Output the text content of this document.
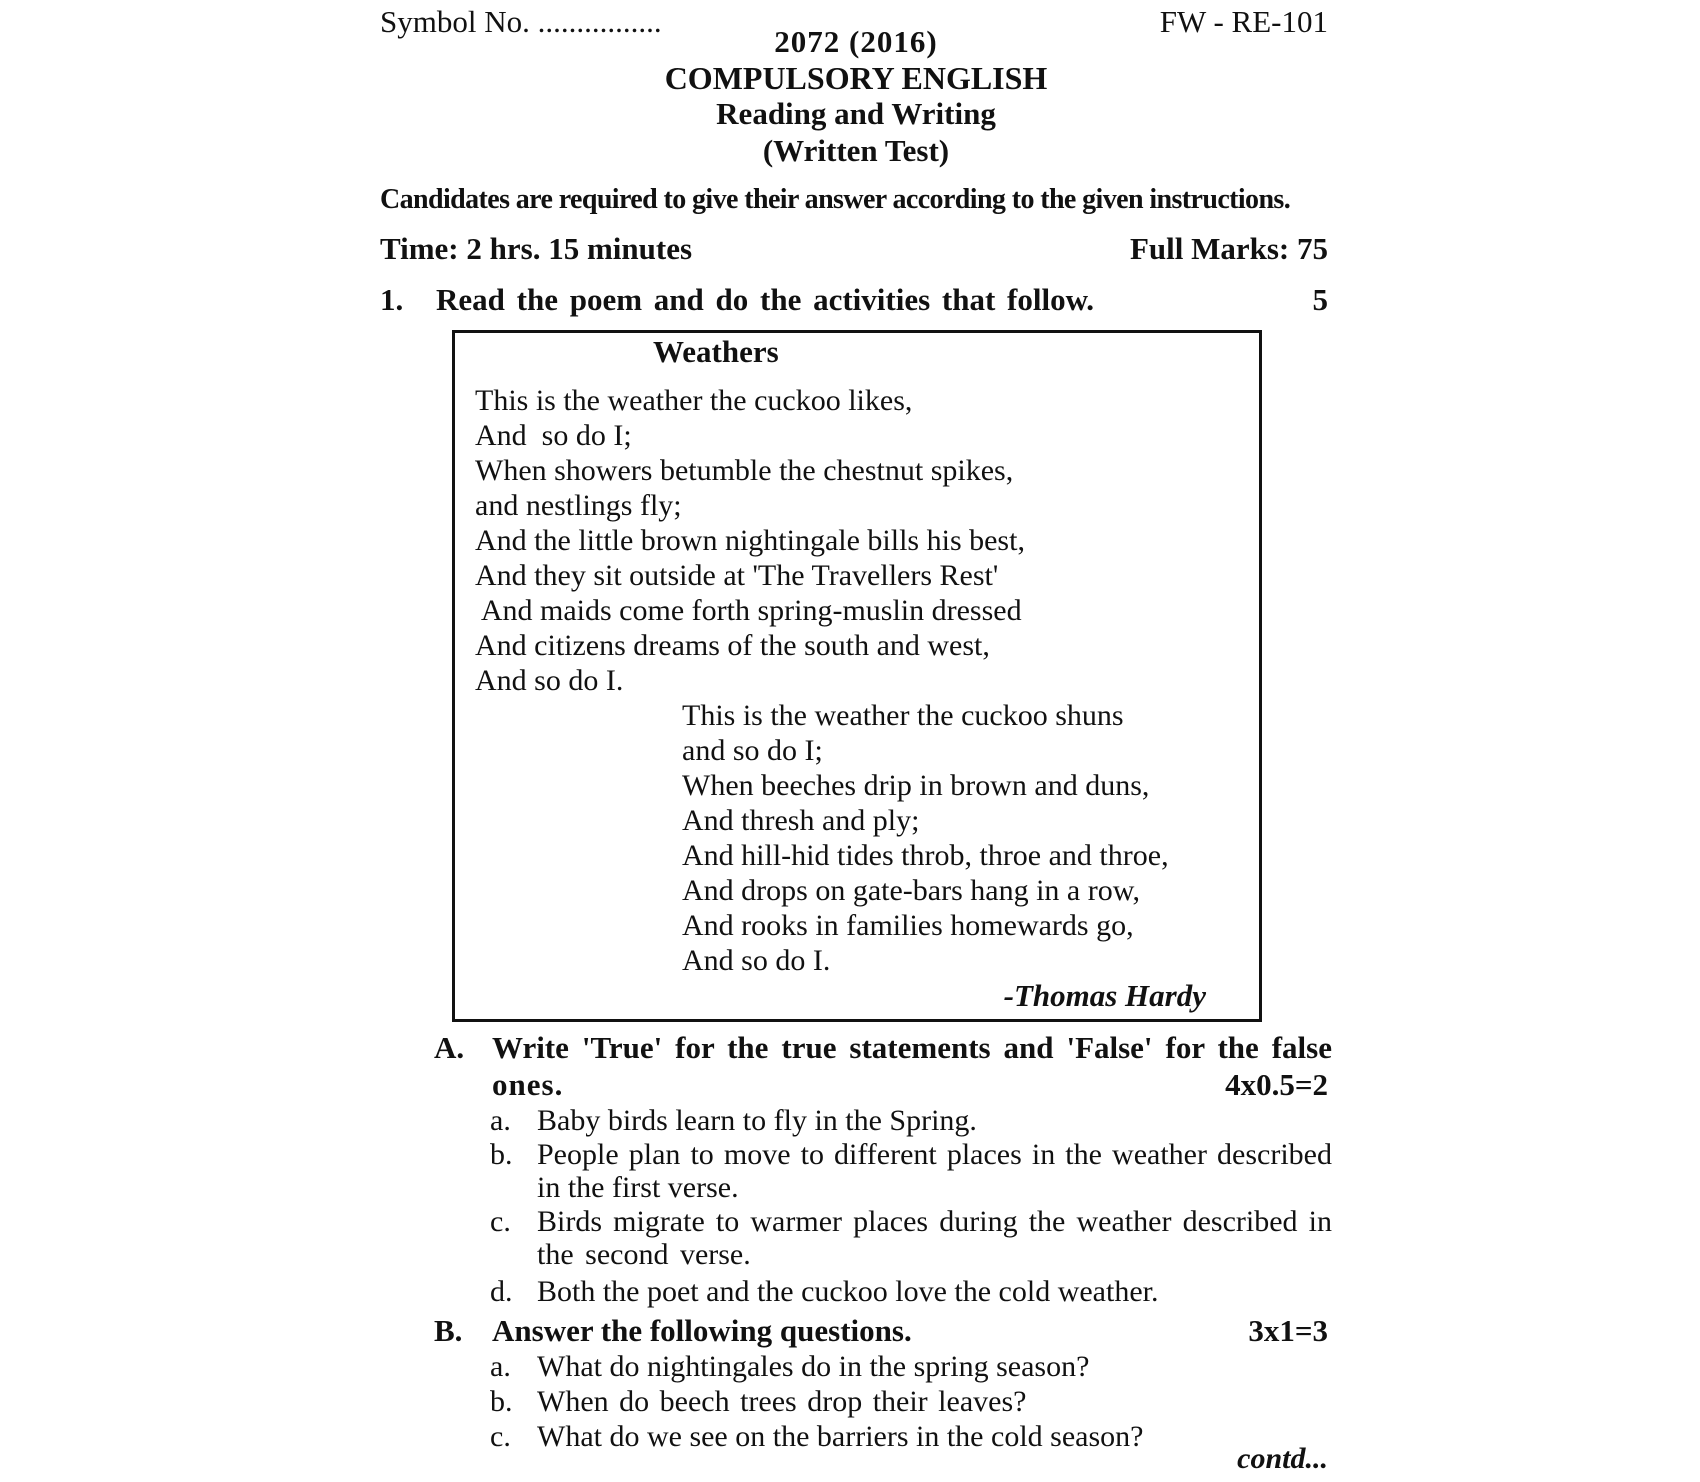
Symbol No. ................	FW - RE-101
2072 (2016)
COMPULSORY ENGLISH
Reading and Writing
(Written Test)
Candidates are required to give their answer according to the given instructions.
Time: 2 hrs. 15 minutes	Full Marks: 75
1. Read the poem and do the activities that follow.	5
Weathers
This is the weather the cuckoo likes,
And  so do I;
When showers betumble the chestnut spikes,
and nestlings fly;
And the little brown nightingale bills his best,
And they sit outside at 'The Travellers Rest'
And maids come forth spring-muslin dressed
And citizens dreams of the south and west,
And so do I.
This is the weather the cuckoo shuns
and so do I;
When beeches drip in brown and duns,
And thresh and ply;
And hill-hid tides throb, throe and throe,
And drops on gate-bars hang in a row,
And rooks in families homewards go,
And so do I.
-Thomas Hardy
A. Write 'True' for the true statements and 'False' for the false
ones.	4x0.5=2
a. Baby birds learn to fly in the Spring.
b. People plan to move to different places in the weather described
in the first verse.
c. Birds migrate to warmer places during the weather described in
the second verse.
d. Both the poet and the cuckoo love the cold weather.
B. Answer the following questions.	3x1=3
a. What do nightingales do in the spring season?
b. When do beech trees drop their leaves?
c. What do we see on the barriers in the cold season?
contd...
